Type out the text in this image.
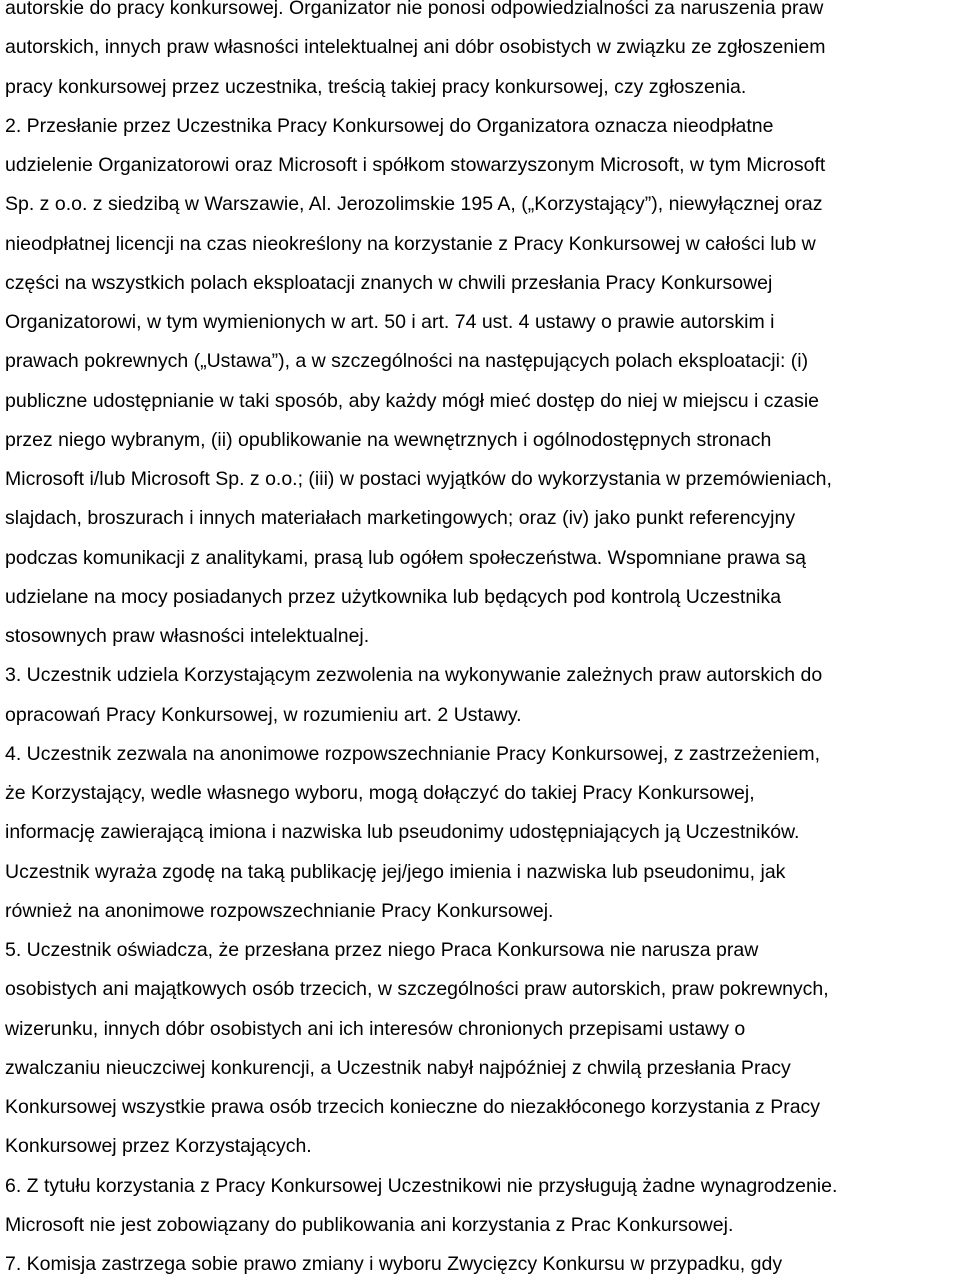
autorskie do pracy konkursowej. Organizator nie ponosi odpowiedzialności za naruszenia praw
autorskich, innych praw własności intelektualnej ani dóbr osobistych w związku ze zgłoszeniem
pracy konkursowej przez uczestnika, treścią takiej pracy konkursowej, czy zgłoszenia.
2. Przesłanie przez Uczestnika Pracy Konkursowej do Organizatora oznacza nieodpłatne
udzielenie Organizatorowi oraz Microsoft i spółkom stowarzyszonym Microsoft, w tym Microsoft
Sp. z o.o. z siedzibą w Warszawie, Al. Jerozolimskie 195 A, („Korzystający”), niewyłącznej oraz
nieodpłatnej licencji na czas nieokreślony na korzystanie z Pracy Konkursowej w całości lub w
części na wszystkich polach eksploatacji znanych w chwili przesłania Pracy Konkursowej
Organizatorowi, w tym wymienionych w art. 50 i art. 74 ust. 4 ustawy o prawie autorskim i
prawach pokrewnych („Ustawa”), a w szczególności na następujących polach eksploatacji: (i)
publiczne udostępnianie w taki sposób, aby każdy mógł mieć dostęp do niej w miejscu i czasie
przez niego wybranym, (ii) opublikowanie na wewnętrznych i ogólnodostępnych stronach
Microsoft i/lub Microsoft Sp. z o.o.; (iii) w postaci wyjątków do wykorzystania w przemówieniach,
slajdach, broszurach i innych materiałach marketingowych; oraz (iv) jako punkt referencyjny
podczas komunikacji z analitykami, prasą lub ogółem społeczeństwa. Wspomniane prawa są
udzielane na mocy posiadanych przez użytkownika lub będących pod kontrolą Uczestnika
stosownych praw własności intelektualnej.
3. Uczestnik udziela Korzystającym zezwolenia na wykonywanie zależnych praw autorskich do
opracowań Pracy Konkursowej, w rozumieniu art. 2 Ustawy.
4. Uczestnik zezwala na anonimowe rozpowszechnianie Pracy Konkursowej, z zastrzeżeniem,
że Korzystający, wedle własnego wyboru, mogą dołączyć do takiej Pracy Konkursowej,
informację zawierającą imiona i nazwiska lub pseudonimy udostępniających ją Uczestników.
Uczestnik wyraża zgodę na taką publikację jej/jego imienia i nazwiska lub pseudonimu, jak
również na anonimowe rozpowszechnianie Pracy Konkursowej.
5. Uczestnik oświadcza, że przesłana przez niego Praca Konkursowa nie narusza praw
osobistych ani majątkowych osób trzecich, w szczególności praw autorskich, praw pokrewnych,
wizerunku, innych dóbr osobistych ani ich interesów chronionych przepisami ustawy o
zwalczaniu nieuczciwej konkurencji, a Uczestnik nabył najpóźniej z chwilą przesłania Pracy
Konkursowej wszystkie prawa osób trzecich konieczne do niezakłóconego korzystania z Pracy
Konkursowej przez Korzystających.
6. Z tytułu korzystania z Pracy Konkursowej Uczestnikowi nie przysługują żadne wynagrodzenie.
Microsoft nie jest zobowiązany do publikowania ani korzystania z Prac Konkursowej.
7. Komisja zastrzega sobie prawo zmiany i wyboru Zwycięzcy Konkursu w przypadku, gdy
